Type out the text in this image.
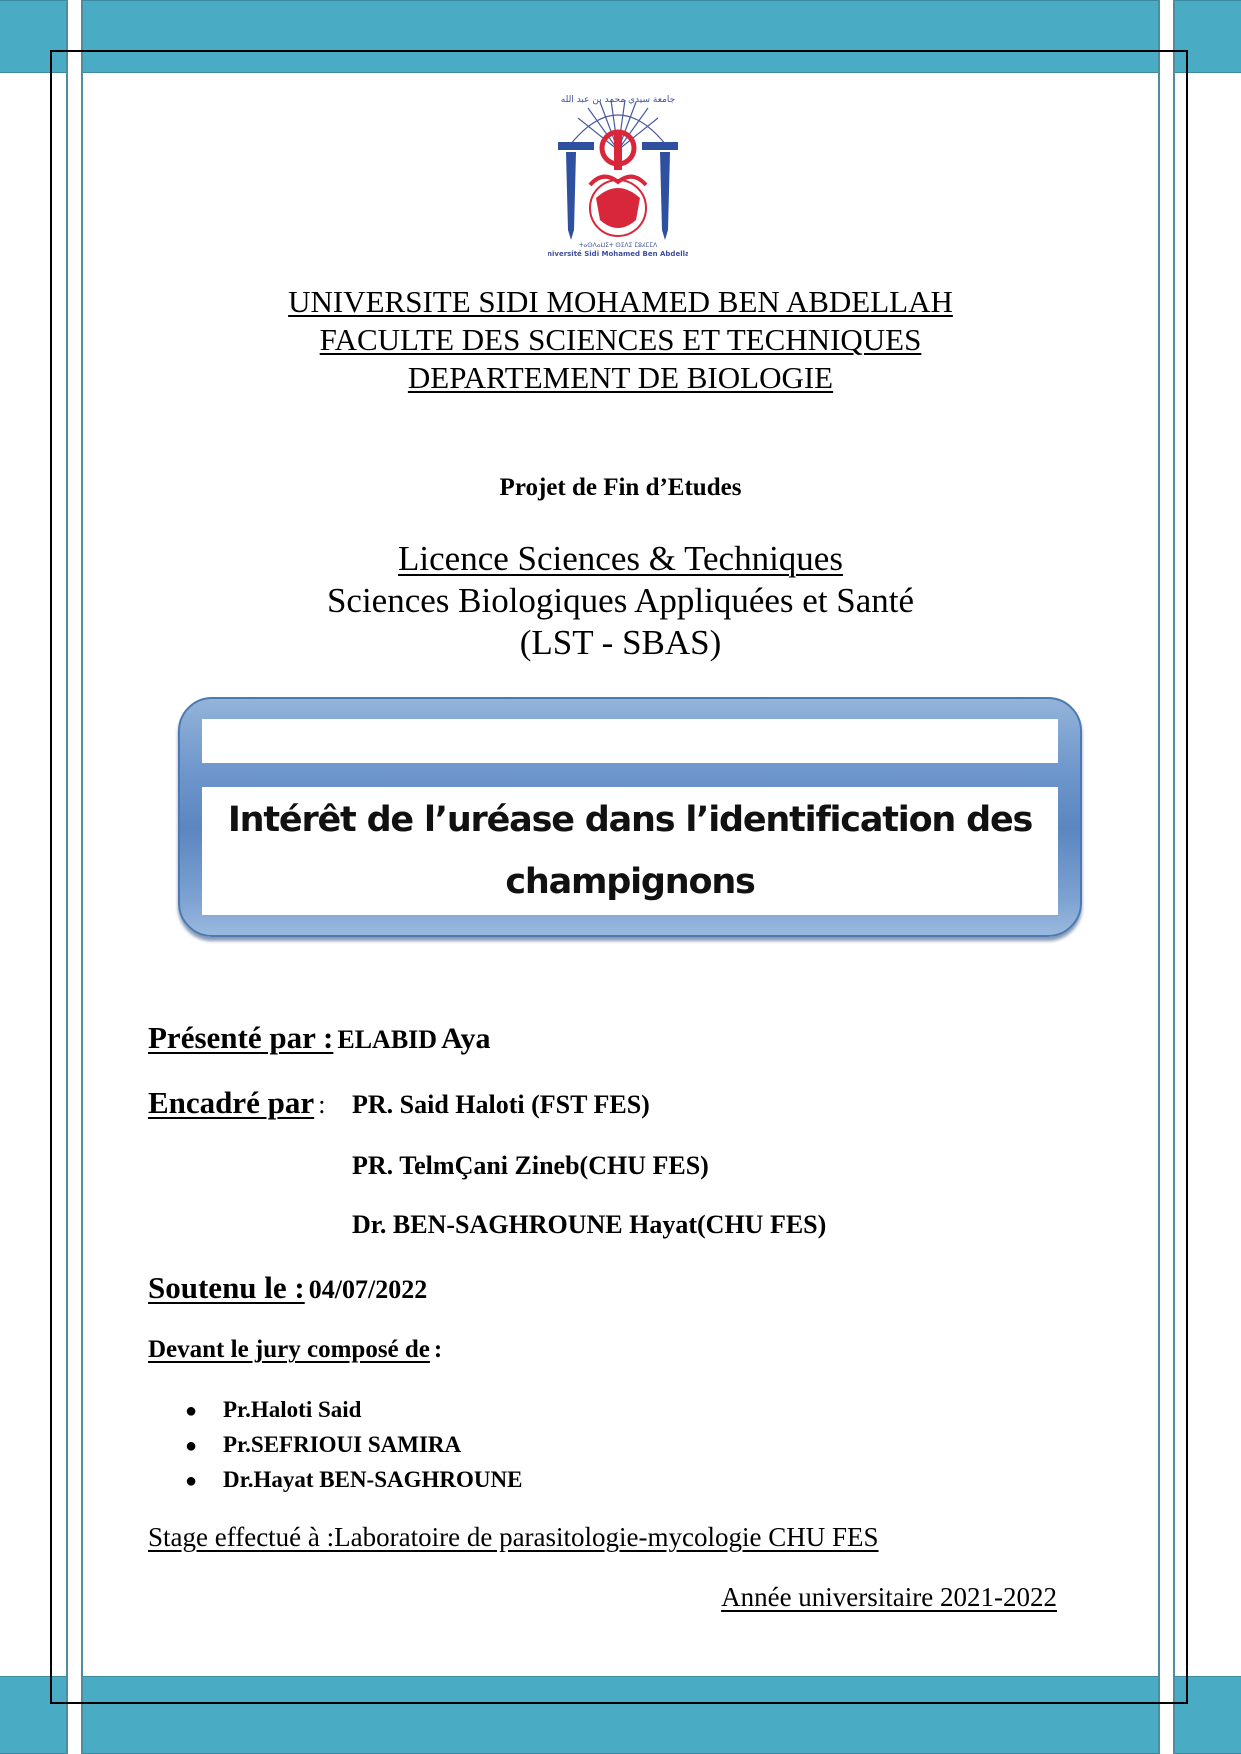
جامعة سيدي محمد بن عبد الله
ⵜⴰⵙⴷⴰⵡⵉⵜ ⵙⵉⴷⵉ ⵎⵓⵃⵎⵎⴷ
Université Sidi Mohamed Ben Abdellah
UNIVERSITE SIDI MOHAMED BEN ABDELLAH
FACULTE DES SCIENCES ET TECHNIQUES
DEPARTEMENT DE BIOLOGIE
Projet de Fin d’Etudes
Licence Sciences & Techniques
Sciences Biologiques Appliquées et Santé
(LST - SBAS)
Intérêt de l’uréase dans l’identification des
champignons
Présenté par : ELABID Aya
Encadré par : PR. Said Haloti (FST FES)
PR. TelmÇani Zineb(CHU FES)
Dr. BEN-SAGHROUNE Hayat(CHU FES)
Soutenu le : 04/07/2022
Devant le jury composé de :
● Pr.Haloti Said
● Pr.SEFRIOUI SAMIRA
● Dr.Hayat BEN-SAGHROUNE
Stage effectué à :Laboratoire de parasitologie-mycologie CHU FES
Année universitaire 2021-2022
